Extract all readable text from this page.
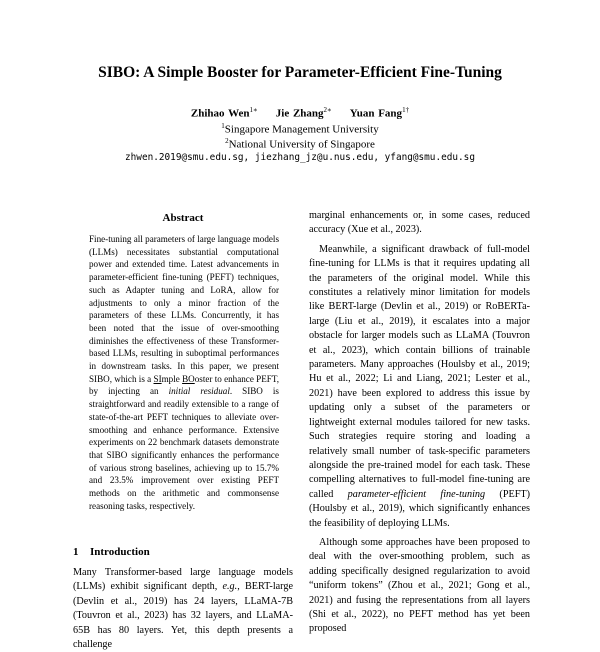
SIBO: A Simple Booster for Parameter-Efficient Fine-Tuning
Zhihao Wen$^{1∗}$ Jie Zhang$^{2∗}$ Yuan Fang$^{1\dagger}$
$^1$Singapore Management University
$^2$National University of Singapore
zhwen.2019@smu.edu.sg, jiezhang_jz@u.nus.edu, yfang@smu.edu.sg
Abstract

Fine-tuning all parameters of large language models (LLMs) necessitates substantial computational power and extended time. Latest advancements in parameter-efficient fine-tuning (PEFT) techniques, such as Adapter tuning and LoRA, allow for adjustments to only a minor fraction of the parameters of these LLMs. Concurrently, it has been noted that the issue of over-smoothing diminishes the effectiveness of these Transformer-based LLMs, resulting in suboptimal performances in downstream tasks. In this paper, we present SIBO, which is a SImple BOoster to enhance PEFT, by injecting an initial residual. SIBO is straightforward and readily extensible to a range of state-of-the-art PEFT techniques to alleviate over-smoothing and enhance performance. Extensive experiments on 22 benchmark datasets demonstrate that SIBO significantly enhances the performance of various strong baselines, achieving up to 15.7% and 23.5% improvement over existing PEFT methods on the arithmetic and commonsense reasoning tasks, respectively.

1 Introduction

Many Transformer-based large language models (LLMs) exhibit significant depth, e.g., BERT-large (Devlin et al., 2019) has 24 layers, LLaMA-7B (Touvron et al., 2023) has 32 layers, and LLaMA-65B has 80 layers. Yet, this depth presents a challenge

marginal enhancements or, in some cases, reduced accuracy (Xue et al., 2023).

Meanwhile, a significant drawback of full-model fine-tuning for LLMs is that it requires updating all the parameters of the original model. While this constitutes a relatively minor limitation for models like BERT-large (Devlin et al., 2019) or RoBERTa-large (Liu et al., 2019), it escalates into a major obstacle for larger models such as LLaMA (Touvron et al., 2023), which contain billions of trainable parameters. Many approaches (Houlsby et al., 2019; Hu et al., 2022; Li and Liang, 2021; Lester et al., 2021) have been explored to address this issue by updating only a subset of the parameters or lightweight external modules tailored for new tasks. Such strategies require storing and loading a relatively small number of task-specific parameters alongside the pre-trained model for each task. These compelling alternatives to full-model fine-tuning are called parameter-efficient fine-tuning (PEFT) (Houlsby et al., 2019), which significantly enhances the feasibility of deploying LLMs.

Although some approaches have been proposed to deal with the over-smoothing problem, such as adding specifically designed regularization to avoid “uniform tokens” (Zhou et al., 2021; Gong et al., 2021) and fusing the representations from all layers (Shi et al., 2022), no PEFT method has yet been proposed
